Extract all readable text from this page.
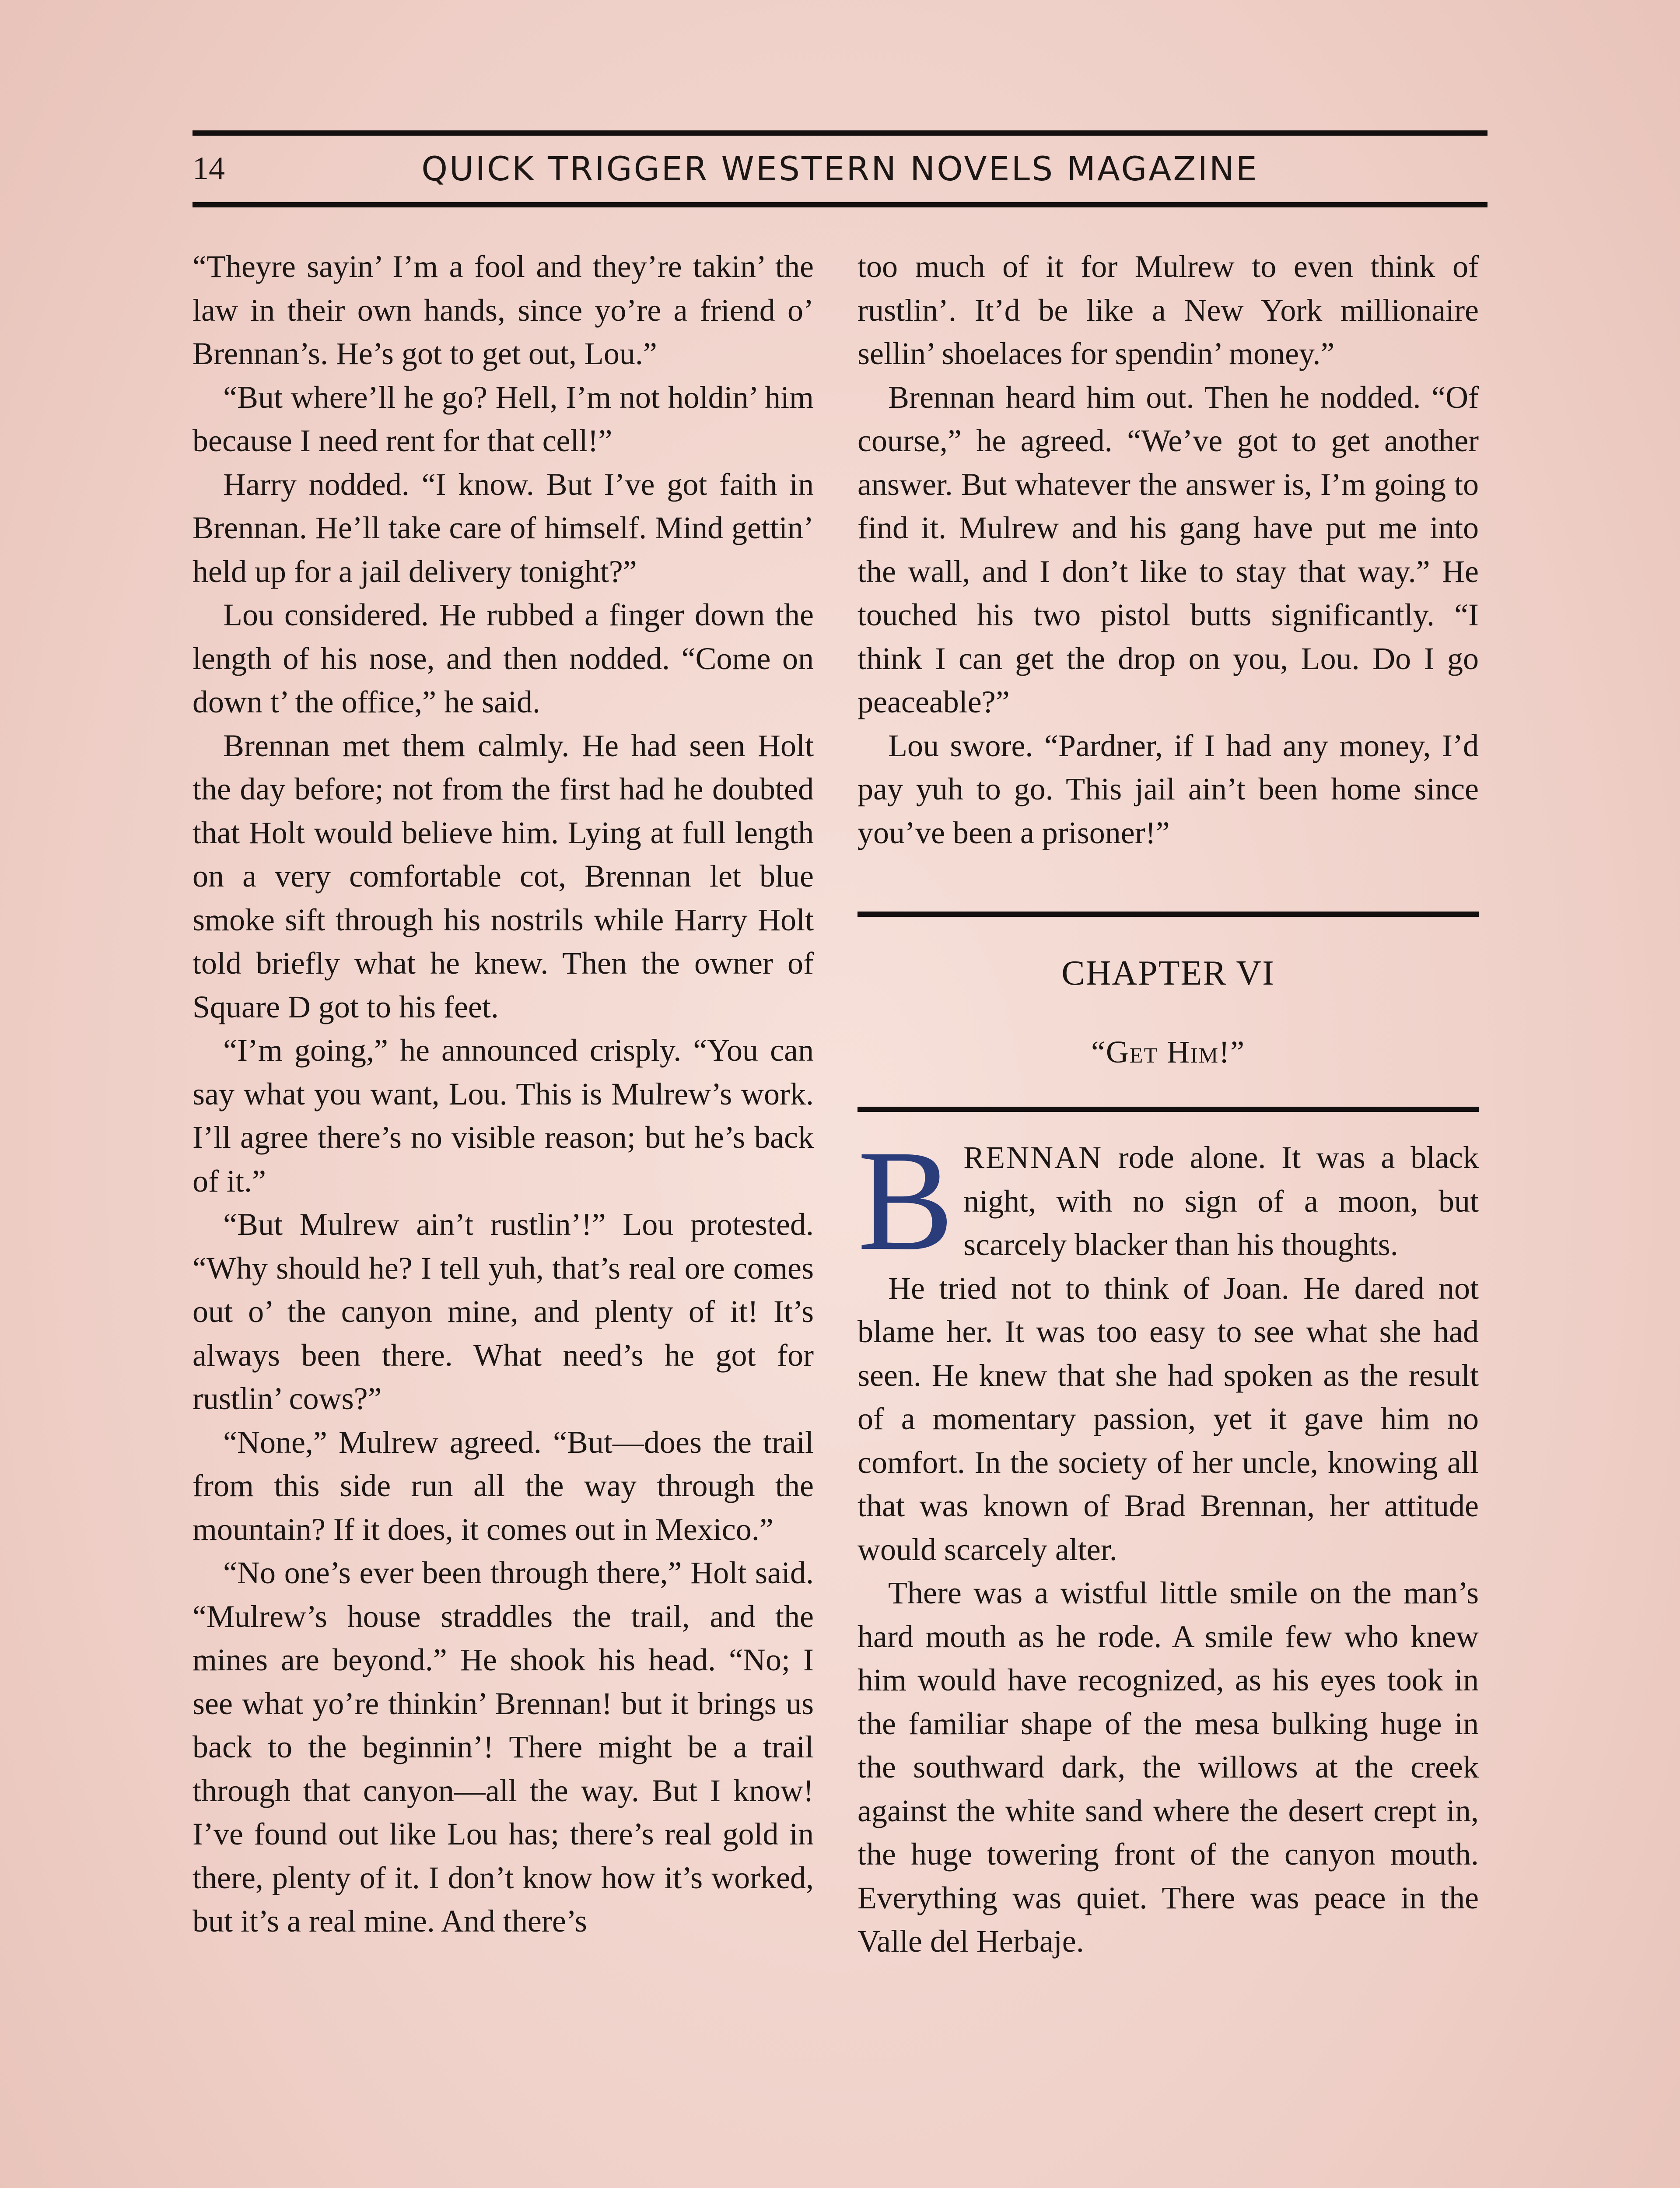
14	QUICK TRIGGER WESTERN NOVELS MAGAZINE

“Theyre sayin’ I’m a fool and they’re takin’ the law in their own hands, since yo’re a friend o’ Brennan’s. He’s got to get out, Lou.”

“But where’ll he go? Hell, I’m not holdin’ him because I need rent for that cell!”

Harry nodded. “I know. But I’ve got faith in Brennan. He’ll take care of himself. Mind gettin’ held up for a jail delivery tonight?”

Lou considered. He rubbed a finger down the length of his nose, and then nodded. “Come on down t’ the office,” he said.

Brennan met them calmly. He had seen Holt the day before; not from the first had he doubted that Holt would believe him. Lying at full length on a very comfortable cot, Brennan let blue smoke sift through his nostrils while Harry Holt told briefly what he knew. Then the owner of Square D got to his feet.

“I’m going,” he announced crisply. “You can say what you want, Lou. This is Mulrew’s work. I’ll agree there’s no visible reason; but he’s back of it.”

“But Mulrew ain’t rustlin’!” Lou protested. “Why should he? I tell yuh, that’s real ore comes out o’ the canyon mine, and plenty of it! It’s always been there. What need’s he got for rustlin’ cows?”

“None,” Mulrew agreed. “But—does the trail from this side run all the way through the mountain? If it does, it comes out in Mexico.”

“No one’s ever been through there,” Holt said. “Mulrew’s house straddles the trail, and the mines are beyond.” He shook his head. “No; I see what yo’re thinkin’ Brennan! but it brings us back to the beginnin’! There might be a trail through that canyon—all the way. But I know! I’ve found out like Lou has; there’s real gold in there, plenty of it. I don’t know how it’s worked, but it’s a real mine. And there’s

too much of it for Mulrew to even think of rustlin’. It’d be like a New York millionaire sellin’ shoelaces for spendin’ money.”

Brennan heard him out. Then he nodded. “Of course,” he agreed. “We’ve got to get another answer. But whatever the answer is, I’m going to find it. Mulrew and his gang have put me into the wall, and I don’t like to stay that way.” He touched his two pistol butts significantly. “I think I can get the drop on you, Lou. Do I go peaceable?”

Lou swore. “Pardner, if I had any money, I’d pay yuh to go. This jail ain’t been home since you’ve been a prisoner!”

CHAPTER VI
“Get Him!”

BRENNAN rode alone. It was a black night, with no sign of a moon, but scarcely blacker than his thoughts.

He tried not to think of Joan. He dared not blame her. It was too easy to see what she had seen. He knew that she had spoken as the result of a momentary passion, yet it gave him no comfort. In the society of her uncle, knowing all that was known of Brad Brennan, her attitude would scarcely alter.

There was a wistful little smile on the man’s hard mouth as he rode. A smile few who knew him would have recognized, as his eyes took in the familiar shape of the mesa bulking huge in the southward dark, the willows at the creek against the white sand where the desert crept in, the huge towering front of the canyon mouth. Everything was quiet. There was peace in the Valle del Herbaje.
